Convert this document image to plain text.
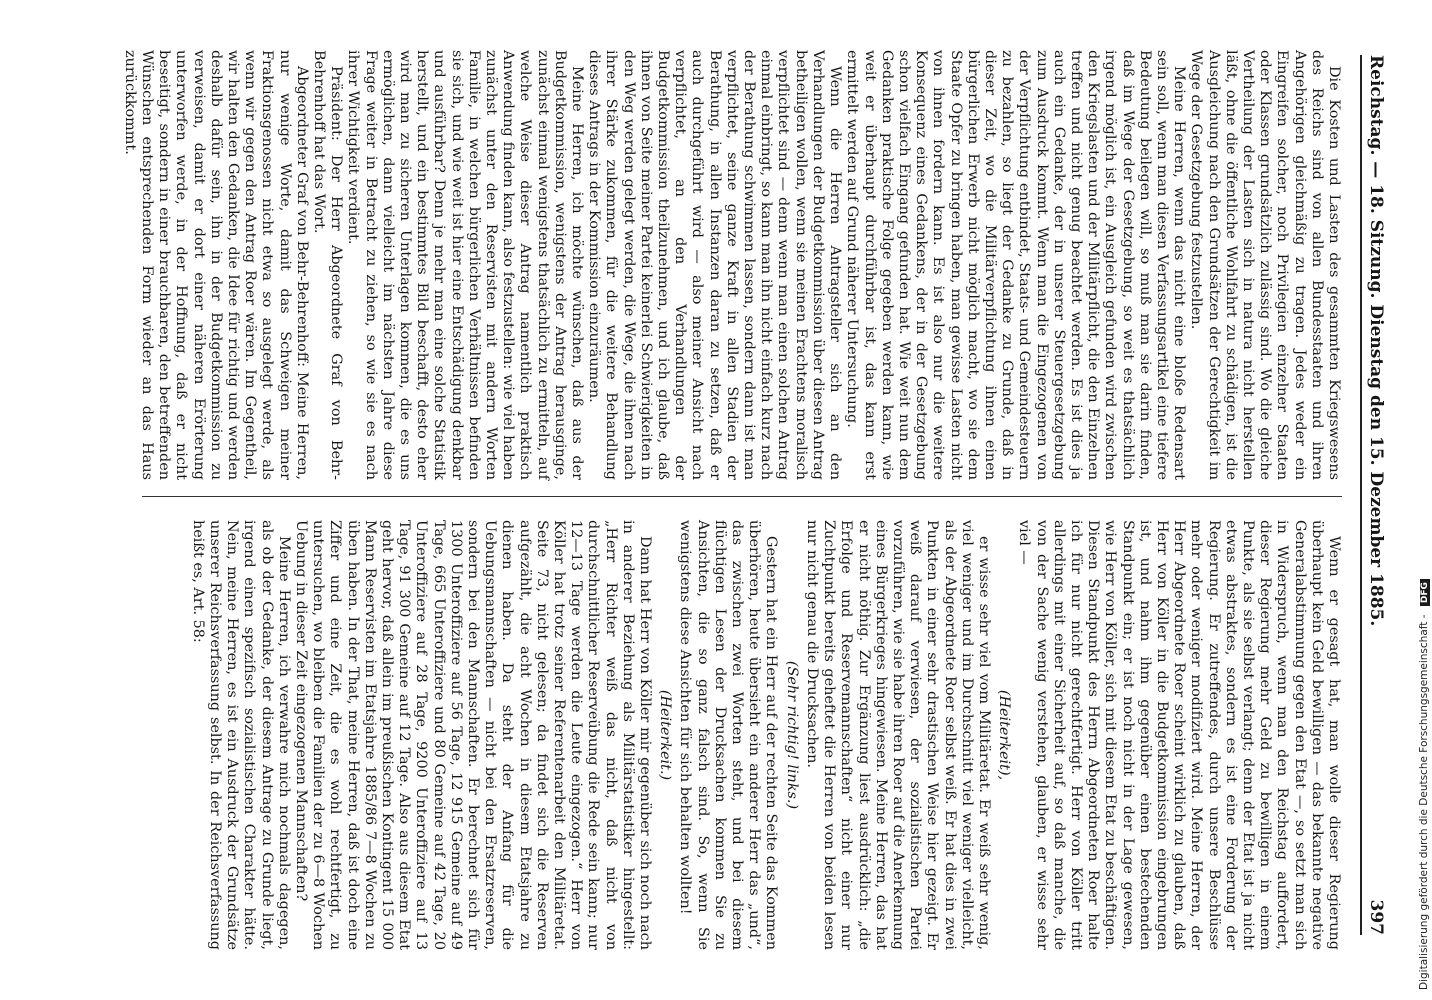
Reichstag. — 18. Sitzung. Dienstag den 15. Dezember 1885.
397

Die Kosten und Lasten des gesammten Kriegswesens des Reichs sind von allen Bundesstaaten und ihren Angehörigen gleichmäßig zu tragen. Jedes weder ein Eingreifen solcher, noch Privilegien einzelner Staaten oder Klassen grundsätzlich zulässig sind. Wo die gleiche Vertheilung der Lasten sich in natura nicht herstellen läßt, ohne die öffentliche Wohlfahrt zu schädigen, ist die Ausgleichung nach den Grundsätzen der Gerechtigkeit im Wege der Gesetzgebung festzustellen.

Meine Herren, wenn das nicht eine bloße Redensart sein soll, wenn man diesen Verfassungsartikel eine tiefere Bedeutung beilegen will, so muß man sie darin finden, daß im Wege der Gesetzgebung, so weit es thatsächlich irgend möglich ist, ein Ausgleich gefunden wird zwischen den Kriegslasten und der Militärpflicht, die den Einzelnen treffen und nicht genug beachtet werden. Es ist dies ja auch ein Gedanke, der in unserer Steuergesetzgebung zum Ausdruck kommt. Wenn man die Eingezogenen von der Verpflichtung entbindet, Staats- und Gemeindesteuern zu bezahlen, so liegt der Gedanke zu Grunde, daß in dieser Zeit, wo die Militärverpflichtung ihnen einen bürgerlichen Erwerb nicht möglich macht, wo sie dem Staate Opfer zu bringen haben, man gewisse Lasten nicht von ihnen fordern kann. Es ist also nur die weitere Konsequenz eines Gedankens, der in der Gesetzgebung schon vielfach Eingang gefunden hat. Wie weit nun dem Gedanken praktische Folge gegeben werden kann, wie weit er überhaupt durchführbar ist, das kann erst ermittelt werden auf Grund näherer Untersuchung.

Wenn die Herren Antragsteller sich an den Verhandlungen der Budgetkommission über diesen Antrag betheiligen wollen, wenn sie meinen Erachtens moralisch verpflichtet sind — denn wenn man einen solchen Antrag einmal einbringt, so kann man ihn nicht einfach kurz nach der Berathung schwimmen lassen, sondern dann ist man verpflichtet, seine ganze Kraft in allen Stadien der Berathung, in allen Instanzen daran zu setzen, daß er auch durchgeführt wird — also meiner Ansicht nach verpflichtet, an den Verhandlungen der Budgetkommission theilzunehmen, und ich glaube, daß ihnen von Seite meiner Partei keinerlei Schwierigkeiten in den Weg werden gelegt werden, die Wege, die ihnen nach ihrer Stärke zukommen, für die weitere Behandlung dieses Antrags in der Kommission einzuräumen.

Meine Herren, ich möchte wünschen, daß aus der Budgetkommission, wenigstens der Antrag herausginge, zunächst einmal wenigstens thatsächlich zu ermitteln, auf welche Weise dieser Antrag namentlich praktisch Anwendung finden kann, also festzustellen: wie viel haben zunächst unter den Reservisten mit andern Worten Familie, in welchen bürgerlichen Verhältnissen befinden sie sich, und wie weit ist hier eine Entschädigung denkbar und ausführbar? Denn je mehr man eine solche Statistik herstellt, und ein bestimmtes Bild beschafft, desto eher wird man zu sicheren Unterlagen kommen, die es uns ermöglichen, dann vielleicht im nächsten Jahre diese Frage weiter in Betracht zu ziehen, so wie sie es nach ihrer Wichtigkeit verdient.

Präsident: Der Herr Abgeordnete Graf von Behr-Behrenhoff hat das Wort.

Abgeordneter Graf von Behr-Behrenhoff: Meine Herren, nur wenige Worte, damit das Schweigen meiner Fraktionsgenossen nicht etwa so ausgelegt werde, als wenn wir gegen den Antrag Roer wären. Im Gegentheil, wir halten den Gedanken, die Idee für richtig und werden deshalb dafür sein, ihn in der Budgetkommission zu verweisen, damit er dort einer näheren Erörterung unterworfen werde, in der Hoffnung, daß er nicht beseitigt, sondern in einer brauchbaren, den betreffenden Wünschen entsprechenden Form wieder an das Haus zurückkommt.

Wenn er gesagt hat, man wolle dieser Regierung überhaupt kein Geld bewilligen — das bekannte negative Generalabstimmung gegen den Etat —, so setzt man sich in Widerspruch, wenn man den Reichstag auffordert, dieser Regierung mehr Geld zu bewilligen in einem Punkte, als sie selbst verlangt; denn der Etat ist ja nicht etwas abstraktes, sondern es ist eine Forderung der Regierung. Er zutreffendes, durch unsere Beschlüsse mehr oder weniger modifiziert wird. Meine Herren, der Herr Abgeordnete Roer scheint wirklich zu glauben, daß Herr von Köller in die Budgetkommission eingebrungen ist, und nahm ihm gegenüber einen bestechenden Standpunkt ein; er ist noch nicht in der Lage gewesen, wie Herr von Köller, sich mit diesem Etat zu beschäftigen. Diesen Standpunkt des Herrn Abgeordneten Roer halte ich für nur nicht gerechtfertigt. Herr von Köller tritt allerdings mit einer Sicherheit auf, so daß manche, die von der Sache wenig verstehen, glauben, er wisse sehr viel —

(Heiterkeit),

er wisse sehr viel vom Militäretat. Er weiß sehr wenig, viel weniger und im Durchschnitt viel weniger vielleicht, als der Abgeordnete Roer selbst weiß. Er hat dies in zwei Punkten in einer sehr drastischen Weise hier gezeigt. Er weiß darauf verwiesen, der sozialistischen Partei vorzuführen, wie sie habe ihren Roer auf die Anerkennung eines Bürgerkrieges hingewiesen. Meine Herren, das hat er nicht nöthig. Zur Ergänzung liest ausdrücklich: „die Erfolge und Reservemannschaften“ nicht einer nur Zuchtpunkt bereits geheftet die Herren von beiden lesen nur nicht genau die Drucksachen.

(Sehr richtig! links.)

Gestern hat ein Herr auf der rechten Seite das Kommen überhören, heute übersieht ein anderer Herr das „und“, das zwischen zwei Worten steht, und bei diesem flüchtigen Lesen der Drucksachen kommen Sie zu Ansichten, die so ganz falsch sind. So, wenn Sie wenigstens diese Ansichten für sich behalten wollten!

(Heiterkeit.)

Dann hat Herr von Köller mir gegenüber sich noch nach in anderer Beziehung als Militärstatistiker hingestellt: „Herr Richter weiß das nicht, daß nicht von durchschnittlicher Reserveübung die Rede sein kann; nur 12—13 Tage werden die Leute eingezogen.“ Herr von Köller hat trotz seiner Referentenarbeit den Militäretat. Seite 73, nicht gelesen; da findet sich die Reserven aufgezählt, die acht Wochen in diesem Etatsjahre zu dienen haben. Da steht der Anfang für die Uebungsmannschaften — nicht bei den Ersatzreserven, sondern bei den Mannschaften. Er berechnet sich für 1300 Unteroffiziere auf 56 Tage, 12 915 Gemeine auf 49 Tage, 665 Unteroffiziere und 80 Gemeine auf 42 Tage, 20 Unteroffiziere auf 28 Tage, 9200 Unteroffiziere auf 13 Tage, 91 300 Gemeine auf 12 Tage. Also aus diesem Etat geht hervor, daß allein im preußischen Kontingent 15 000 Mann Reservisten im Etatsjahre 1885/86 7—8 Wochen zu üben haben. In der That, meine Herren, daß ist doch eine Ziffer und eine Zeit, die es wohl rechtfertigt, zu untersuchen, wo bleiben die Familien der zu 6—8 Wochen Uebung in dieser Zeit eingezogenen Mannschaften?

Meine Herren, ich verwahre mich nochmals dagegen, als ob der Gedanke, der diesem Antrage zu Grunde liegt, irgend einen spezifisch sozialistischen Charakter hätte. Nein, meine Herren, es ist ein Ausdruck der Grundsätze unserer Reichsverfassung selbst. In der Reichsverfassung heißt es, Art. 58:

Digitalisierung gefördert durch die Deutsche Forschungsgemeinschaft - DFG
